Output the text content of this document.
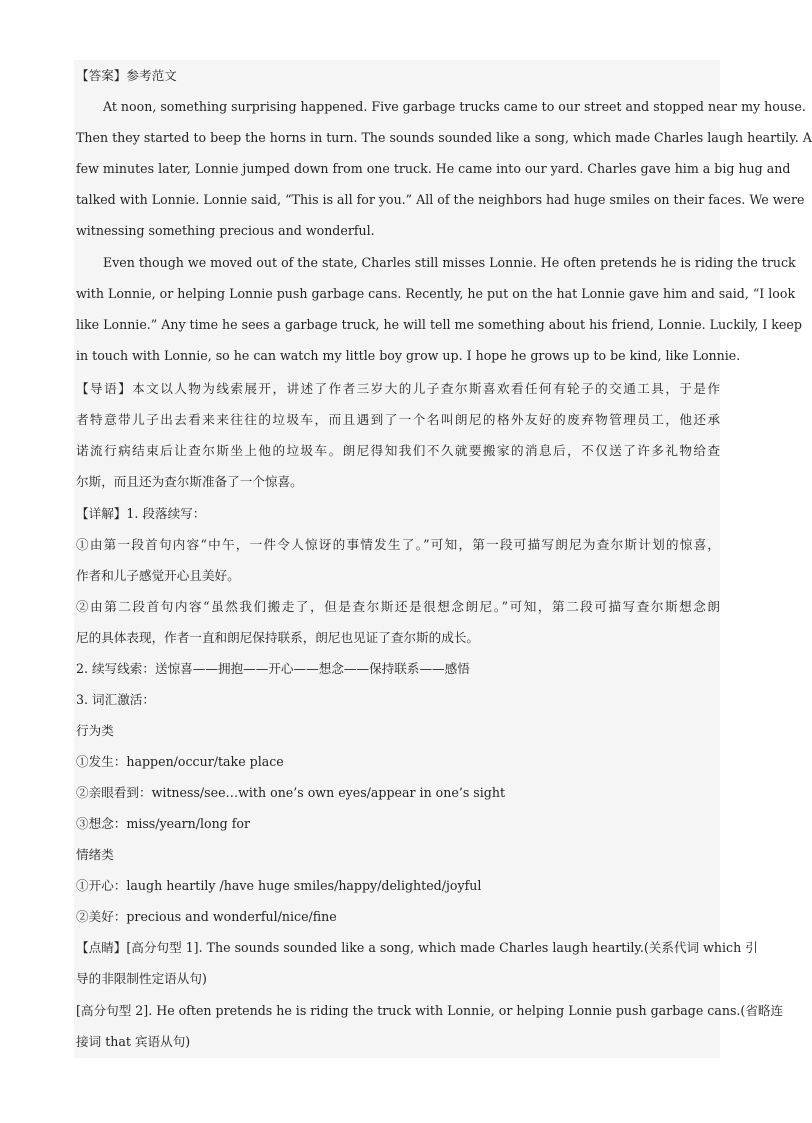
【答案】参考范文
At noon, something surprising happened. Five garbage trucks came to our street and stopped near my house.
Then they started to beep the horns in turn. The sounds sounded like a song, which made Charles laugh heartily. A
few minutes later, Lonnie jumped down from one truck. He came into our yard. Charles gave him a big hug and
talked with Lonnie. Lonnie said, “This is all for you.” All of the neighbors had huge smiles on their faces. We were
witnessing something precious and wonderful.
Even though we moved out of the state, Charles still misses Lonnie. He often pretends he is riding the truck
with Lonnie, or helping Lonnie push garbage cans. Recently, he put on the hat Lonnie gave him and said, “I look
like Lonnie.” Any time he sees a garbage truck, he will tell me something about his friend, Lonnie. Luckily, I keep
in touch with Lonnie, so he can watch my little boy grow up. I hope he grows up to be kind, like Lonnie.
【导语】本文以人物为线索展开，讲述了作者三岁大的儿子查尔斯喜欢看任何有轮子的交通工具，于是作
者特意带儿子出去看来来往往的垃圾车，而且遇到了一个名叫朗尼的格外友好的废弃物管理员工，他还承
诺流行病结束后让查尔斯坐上他的垃圾车。朗尼得知我们不久就要搬家的消息后，不仅送了许多礼物给查
尔斯，而且还为查尔斯准备了一个惊喜。
【详解】1. 段落续写：
①由第一段首句内容“中午，一件令人惊讶的事情发生了。”可知，第一段可描写朗尼为查尔斯计划的惊喜，
作者和儿子感觉开心且美好。
②由第二段首句内容“虽然我们搬走了，但是查尔斯还是很想念朗尼。”可知，第二段可描写查尔斯想念朗
尼的具体表现，作者一直和朗尼保持联系，朗尼也见证了查尔斯的成长。
2. 续写线索：送惊喜——拥抱——开心——想念——保持联系——感悟
3. 词汇激活：
行为类
①发生：happen/occur/take place
②亲眼看到：witness/see…with one’s own eyes/appear in one’s sight
③想念：miss/yearn/long for
情绪类
①开心：laugh heartily /have huge smiles/happy/delighted/joyful
②美好：precious and wonderful/nice/fine
【点睛】[高分句型 1]. The sounds sounded like a song, which made Charles laugh heartily.(关系代词 which 引
导的非限制性定语从句)
[高分句型 2]. He often pretends he is riding the truck with Lonnie, or helping Lonnie push garbage cans.(省略连
接词 that 宾语从句)
